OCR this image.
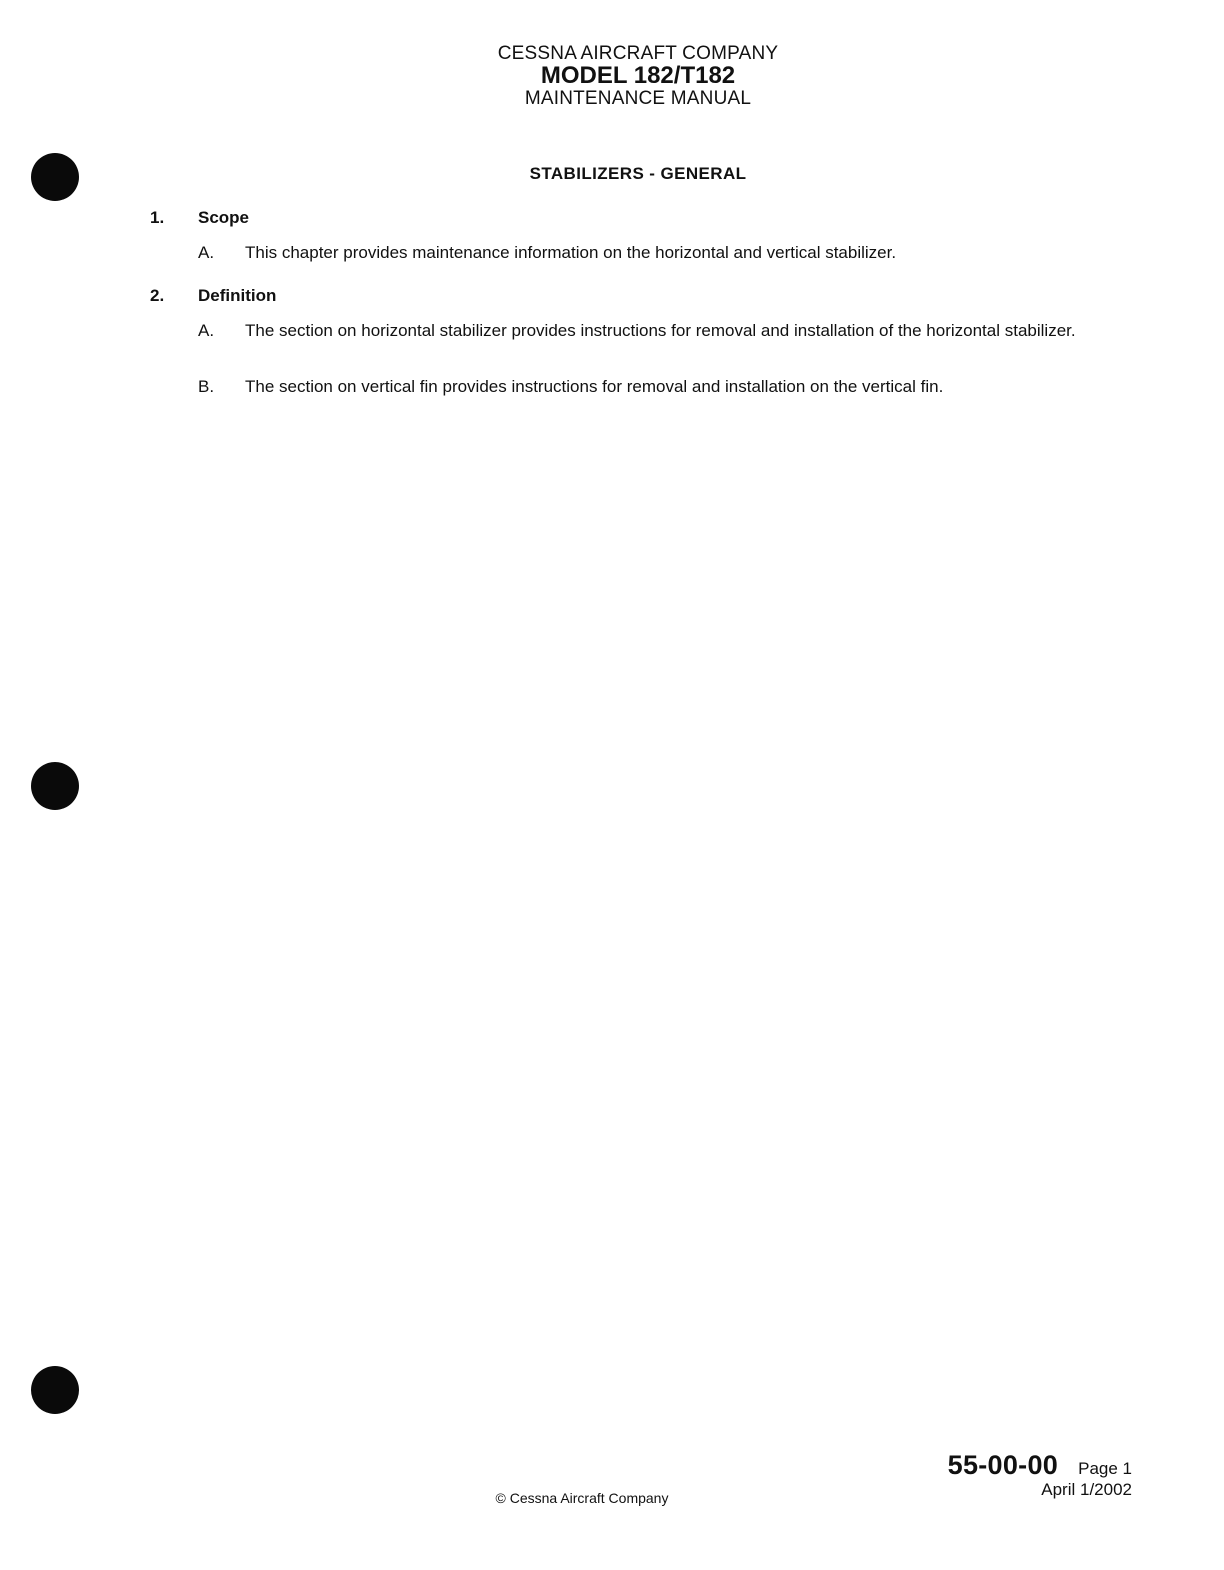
CESSNA AIRCRAFT COMPANY
MODEL 182/T182
MAINTENANCE MANUAL
STABILIZERS - GENERAL
1. Scope
A. This chapter provides maintenance information on the horizontal and vertical stabilizer.
2. Definition
A. The section on horizontal stabilizer provides instructions for removal and installation of the horizontal stabilizer.
B. The section on vertical fin provides instructions for removal and installation on the vertical fin.
© Cessna Aircraft Company
55-00-00 Page 1
April 1/2002
